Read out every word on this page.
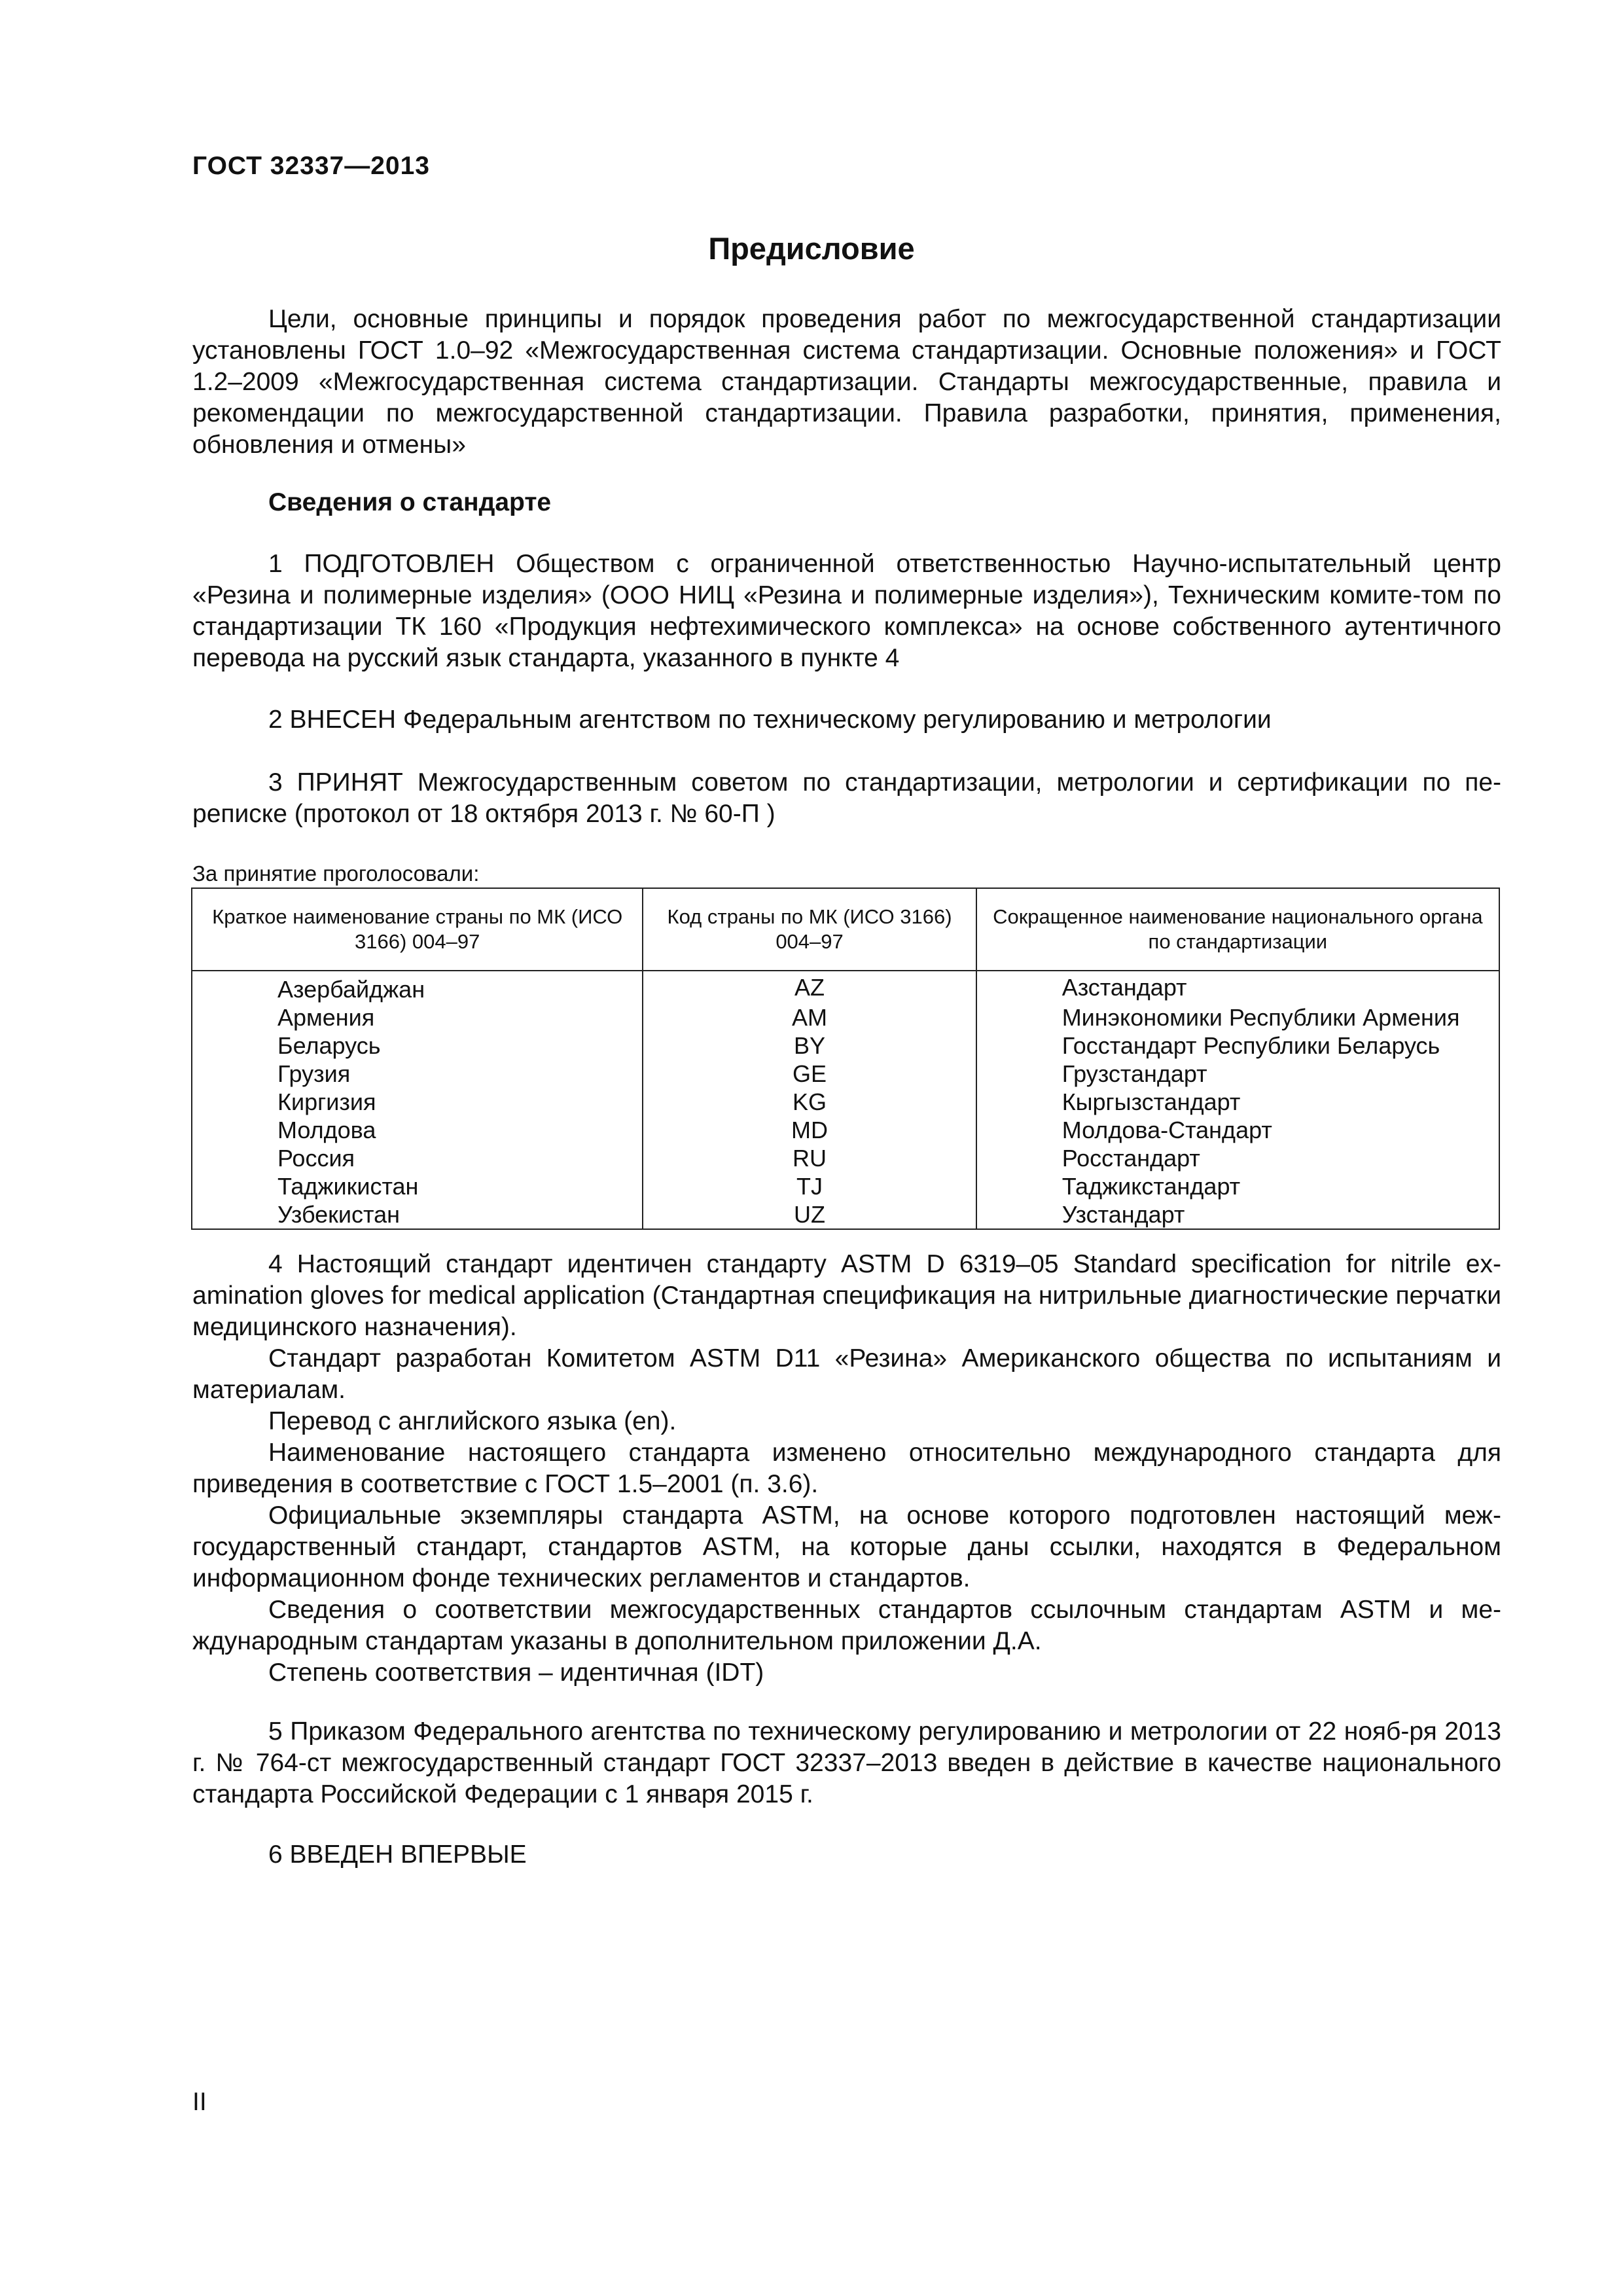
ГОСТ 32337—2013
Предисловие

Цели, основные принципы и порядок проведения работ по межгосударственной стандартизации установлены ГОСТ 1.0–92 «Межгосударственная система стандартизации. Основные положения» и ГОСТ 1.2–2009 «Межгосударственная система стандартизации. Стандарты межгосударственные, правила и рекомендации по межгосударственной стандартизации. Правила разработки, принятия, применения, обновления и отмены»

Сведения о стандарте

1 ПОДГОТОВЛЕН Обществом с ограниченной ответственностью Научно-испытательный центр «Резина и полимерные изделия» (ООО НИЦ «Резина и полимерные изделия»), Техническим комите-том по стандартизации ТК 160 «Продукция нефтехимического комплекса» на основе собственного аутентичного перевода на русский язык стандарта, указанного в пункте 4

2 ВНЕСЕН Федеральным агентством по техническому регулированию и метрологии

3 ПРИНЯТ Межгосударственным советом по стандартизации, метрологии и сертификации по пе-реписке (протокол от 18 октября 2013 г. № 60-П )

За принятие проголосовали:
Краткое наименование страны по МК (ИСО 3166) 004–97	Код страны по МК (ИСО 3166) 004–97	Сокращенное наименование национального органа по стандартизации
Азербайджан	AZ	Азстандарт
Армения	AM	Минэкономики Республики Армения
Беларусь	BY	Госстандарт Республики Беларусь
Грузия	GE	Грузстандарт
Киргизия	KG	Кыргызстандарт
Молдова	MD	Молдова-Стандарт
Россия	RU	Росстандарт
Таджикистан	TJ	Таджикстандарт
Узбекистан	UZ	Узстандарт

4 Настоящий стандарт идентичен стандарту ASTM D 6319–05 Standard specification for nitrile ex-amination gloves for medical application (Стандартная спецификация на нитрильные диагностические перчатки медицинского назначения).

Стандарт разработан Комитетом ASTM D11 «Резина» Американского общества по испытаниям и материалам.

Перевод с английского языка (en).

Наименование настоящего стандарта изменено относительно международного стандарта для приведения в соответствие с ГОСТ 1.5–2001 (п. 3.6).

Официальные экземпляры стандарта ASTM, на основе которого подготовлен настоящий меж-государственный стандарт, стандартов ASTM, на которые даны ссылки, находятся в Федеральном информационном фонде технических регламентов и стандартов.

Сведения о соответствии межгосударственных стандартов ссылочным стандартам ASTM и ме-ждународным стандартам указаны в дополнительном приложении Д.А.

Степень соответствия – идентичная (IDT)

5 Приказом Федерального агентства по техническому регулированию и метрологии от 22 нояб-ря 2013 г. № 764-ст межгосударственный стандарт ГОСТ 32337–2013 введен в действие в качестве национального стандарта Российской Федерации с 1 января 2015 г.

6 ВВЕДЕН ВПЕРВЫЕ

II
